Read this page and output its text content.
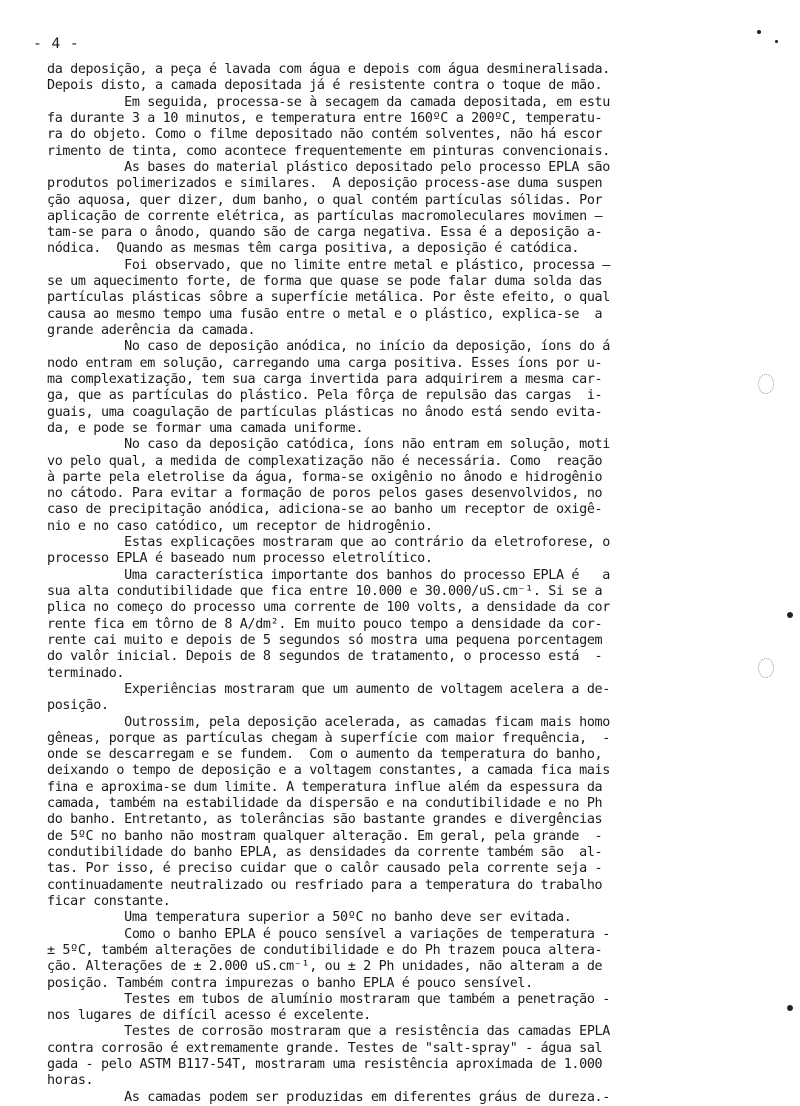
- 4 -
da deposição, a peça é lavada com água e depois com água desmineralisada.
Depois disto, a camada depositada já é resistente contra o toque de mão.
Em seguida, processa-se à secagem da camada depositada, em estu
fa durante 3 a 10 minutos, e temperatura entre 160ºC a 200ºC, temperatu-
ra do objeto. Como o filme depositado não contém solventes, não há escor
rimento de tinta, como acontece frequentemente em pinturas convencionais.
As bases do material plástico depositado pelo processo EPLA são
produtos polimerizados e similares.  A deposição process-ase duma suspen
ção aquosa, quer dizer, dum banho, o qual contém partículas sólidas. Por
aplicação de corrente elétrica, as partículas macromoleculares movimen —
tam-se para o ânodo, quando são de carga negativa. Essa é a deposição a-
nódica.  Quando as mesmas têm carga positiva, a deposição é catódica.
Foi observado, que no limite entre metal e plástico, processa —
se um aquecimento forte, de forma que quase se pode falar duma solda das
partículas plásticas sôbre a superfície metálica. Por êste efeito, o qual
causa ao mesmo tempo uma fusão entre o metal e o plástico, explica-se  a
grande aderência da camada.
No caso de deposição anódica, no início da deposição, íons do á
nodo entram em solução, carregando uma carga positiva. Êsses íons por u-
ma complexatização, tem sua carga invertida para adquirirem a mesma car-
ga, que as partículas do plástico. Pela fôrça de repulsão das cargas  i-
guais, uma coagulação de partículas plásticas no ânodo está sendo evita-
da, e pode se formar uma camada uniforme.
No caso da deposição catódica, íons não entram em solução, moti
vo pelo qual, a medida de complexatização não é necessária. Como  reação
à parte pela eletrolise da água, forma-se oxigênio no ânodo e hidrogênio
no cátodo. Para evitar a formação de poros pelos gases desenvolvidos, no
caso de precipitação anódica, adiciona-se ao banho um receptor de oxigê-
nio e no caso catódico, um receptor de hidrogênio.
Estas explicações mostraram que ao contrário da eletroforese, o
processo EPLA é baseado num processo eletrolítico.
Uma característica importante dos banhos do processo EPLA é   a
sua alta condutibilidade que fica entre 10.000 e 30.000/uS.cm⁻¹. Si se a
plica no começo do processo uma corrente de 100 volts, a densidade da cor
rente fica em tôrno de 8 A/dm². Em muito pouco tempo a densidade da cor-
rente cai muito e depois de 5 segundos só mostra uma pequena porcentagem
do valôr inicial. Depois de 8 segundos de tratamento, o processo está  -
terminado.
Experiências mostraram que um aumento de voltagem acelera a de-
posição.
Outrossim, pela deposição acelerada, as camadas ficam mais homo
gêneas, porque as partículas chegam à superfície com maior frequência,  -
onde se descarregam e se fundem.  Com o aumento da temperatura do banho,
deixando o tempo de deposição e a voltagem constantes, a camada fica mais
fina e aproxima-se dum limite. A temperatura influe além da espessura da
camada, também na estabilidade da dispersão e na condutibilidade e no Ph
do banho. Entretanto, as tolerâncias são bastante grandes e divergências
de 5ºC no banho não mostram qualquer alteração. Em geral, pela grande  -
condutibilidade do banho EPLA, as densidades da corrente também são  al-
tas. Por isso, é preciso cuidar que o calôr causado pela corrente seja -
continuadamente neutralizado ou resfriado para a temperatura do trabalho
ficar constante.
Uma temperatura superior a 50ºC no banho deve ser evitada.
Como o banho EPLA é pouco sensível a variações de temperatura -
± 5ºC, também alterações de condutibilidade e do Ph trazem pouca altera-
ção. Alterações de ± 2.000 uS.cm⁻¹, ou ± 2 Ph unidades, não alteram a de
posição. Também contra impurezas o banho EPLA é pouco sensível.
Testes em tubos de alumínio mostraram que também a penetração -
nos lugares de difícil acesso é excelente.
Testes de corrosão mostraram que a resistência das camadas EPLA
contra corrosão é extremamente grande. Testes de "salt-spray" - água sal
gada - pelo ASTM B117-54T, mostraram uma resistência aproximada de 1.000
horas.
As camadas podem ser produzidas em diferentes gráus de dureza.-
